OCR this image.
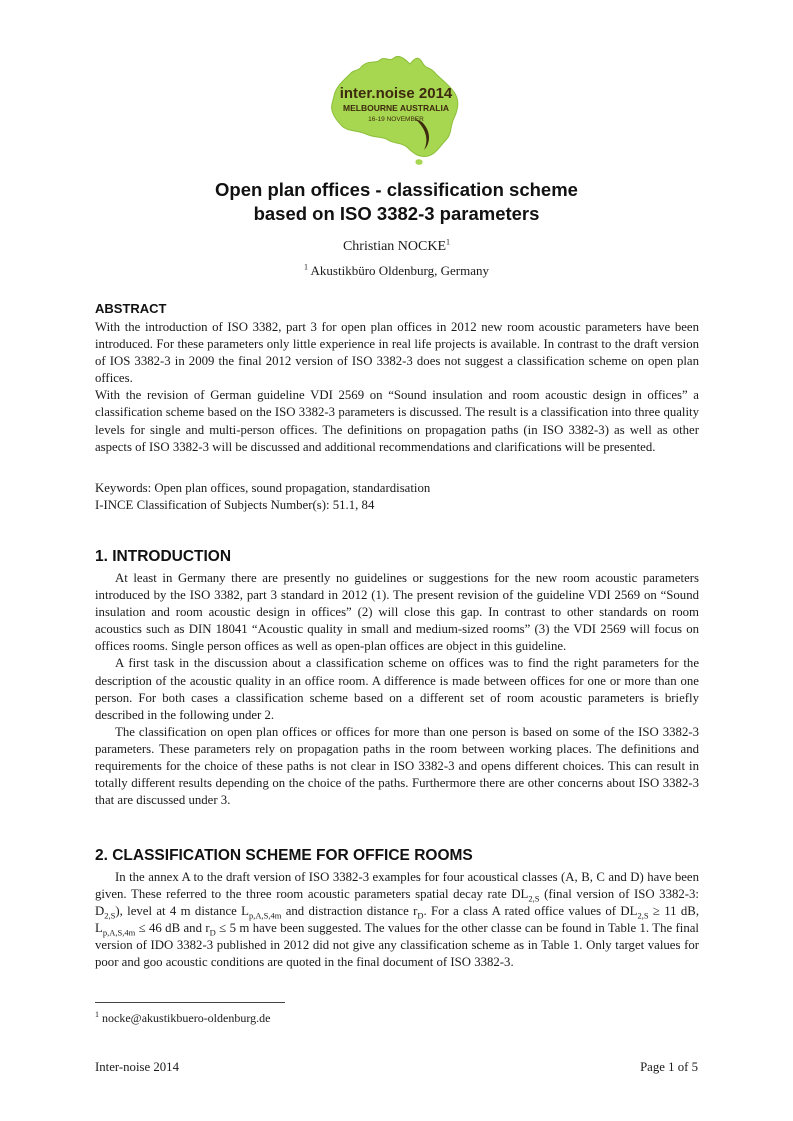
inter.noise 2014
MELBOURNE AUSTRALIA
16-19 NOVEMBER
Open plan offices - classification scheme
based on ISO 3382-3 parameters
Christian NOCKE$^1$
$^1$ Akustikbüro Oldenburg, Germany
ABSTRACT

With the introduction of ISO 3382, part 3 for open plan offices in 2012 new room acoustic parameters have been introduced. For these parameters only little experience in real life projects is available. In contrast to the draft version of IOS 3382-3 in 2009 the final 2012 version of ISO 3382-3 does not suggest a classification scheme on open plan offices.

With the revision of German guideline VDI 2569 on “Sound insulation and room acoustic design in offices” a classification scheme based on the ISO 3382-3 parameters is discussed. The result is a classification into three quality levels for single and multi-person offices. The definitions on propagation paths (in ISO 3382-3) as well as other aspects of ISO 3382-3 will be discussed and additional recommendations and clarifications will be presented.

Keywords: Open plan offices, sound propagation, standardisation

I-INCE Classification of Subjects Number(s): 51.1, 84

1. INTRODUCTION

At least in Germany there are presently no guidelines or suggestions for the new room acoustic parameters introduced by the ISO 3382, part 3 standard in 2012 (1). The present revision of the guideline VDI 2569 on “Sound insulation and room acoustic design in offices” (2) will close this gap. In contrast to other standards on room acoustics such as DIN 18041 “Acoustic quality in small and medium-sized rooms” (3) the VDI 2569 will focus on offices rooms. Single person offices as well as open-plan offices are object in this guideline.

A first task in the discussion about a classification scheme on offices was to find the right parameters for the description of the acoustic quality in an office room. A difference is made between offices for one or more than one person. For both cases a classification scheme based on a different set of room acoustic parameters is briefly described in the following under 2.

The classification on open plan offices or offices for more than one person is based on some of the ISO 3382-3 parameters. These parameters rely on propagation paths in the room between working places. The definitions and requirements for the choice of these paths is not clear in ISO 3382-3 and opens different choices. This can result in totally different results depending on the choice of the paths. Furthermore there are other concerns about ISO 3382-3 that are discussed under 3.

2. CLASSIFICATION SCHEME FOR OFFICE ROOMS

In the annex A to the draft version of ISO 3382-3 examples for four acoustical classes (A, B, C and D) have been given. These referred to the three room acoustic parameters spatial decay rate $DL_{2,S}$ (final version of ISO 3382-3: $D_{2,S}$), level at 4 m distance $L_{p,A,S,4m}$ and distraction distance $r_D$. For a class A rated office values of $DL_{2,S} \ge 11$ dB, $L_{p,A,S,4m} \le 46$ dB and $r_D \le 5$ m have been suggested. The values for the other classe can be found in Table 1. The final version of IDO 3382-3 published in 2012 did not give any classification scheme as in Table 1. Only target values for poor and goo acoustic conditions are quoted in the final document of ISO 3382-3.

$^1$ nocke@akustikbuero-oldenburg.de
Inter-noise 2014	Page 1 of 5
